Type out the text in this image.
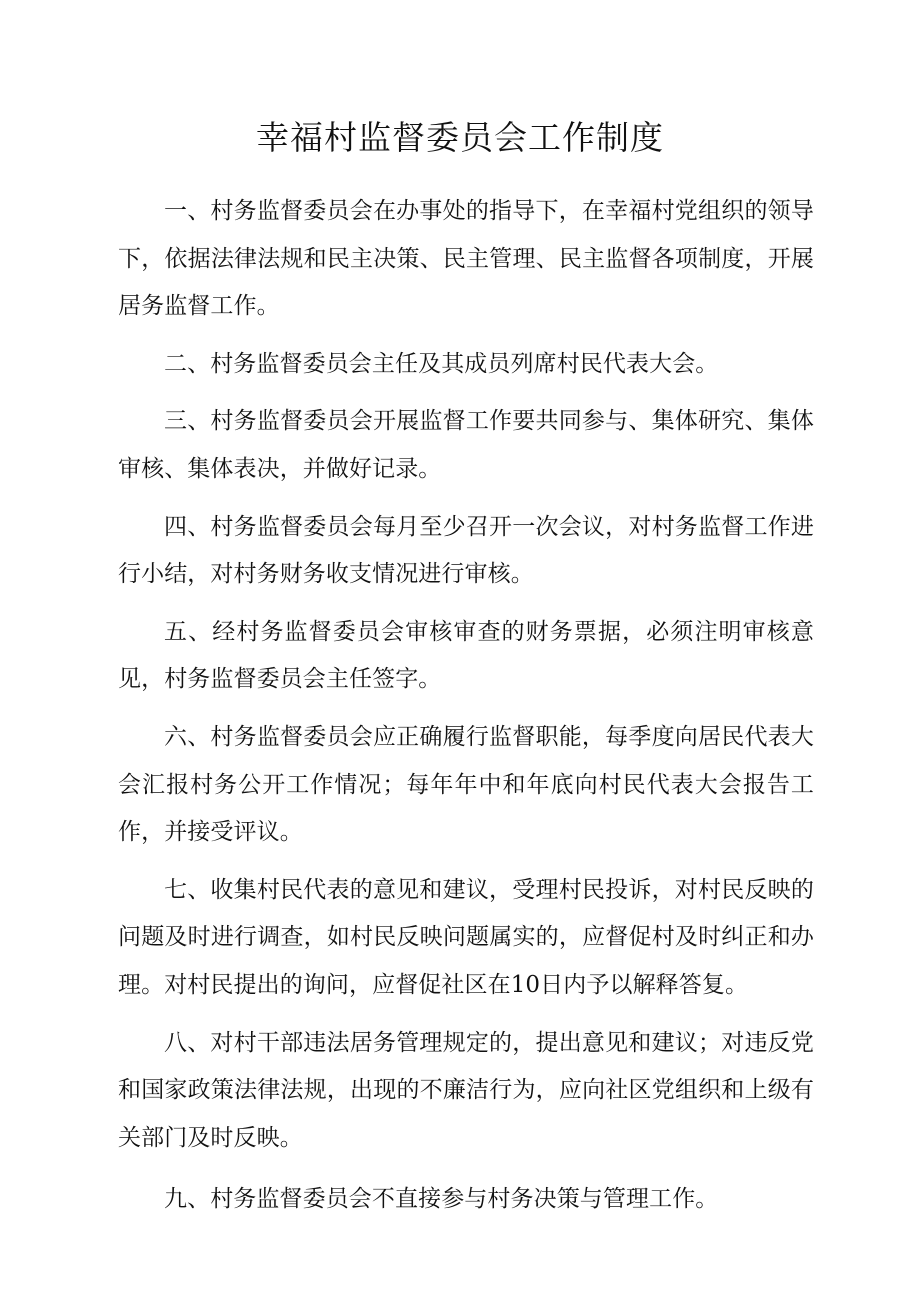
幸福村监督委员会工作制度

一、村务监督委员会在办事处的指导下，在幸福村党组织的领导下，依据法律法规和民主决策、民主管理、民主监督各项制度，开展居务监督工作。

二、村务监督委员会主任及其成员列席村民代表大会。

三、村务监督委员会开展监督工作要共同参与、集体研究、集体审核、集体表决，并做好记录。

四、村务监督委员会每月至少召开一次会议，对村务监督工作进行小结，对村务财务收支情况进行审核。

五、经村务监督委员会审核审查的财务票据，必须注明审核意见，村务监督委员会主任签字。

六、村务监督委员会应正确履行监督职能，每季度向居民代表大会汇报村务公开工作情况；每年年中和年底向村民代表大会报告工作，并接受评议。

七、收集村民代表的意见和建议，受理村民投诉，对村民反映的问题及时进行调查，如村民反映问题属实的，应督促村及时纠正和办理。对村民提出的询问，应督促社区在10日内予以解释答复。

八、对村干部违法居务管理规定的，提出意见和建议；对违反党和国家政策法律法规，出现的不廉洁行为，应向社区党组织和上级有关部门及时反映。

九、村务监督委员会不直接参与村务决策与管理工作。
